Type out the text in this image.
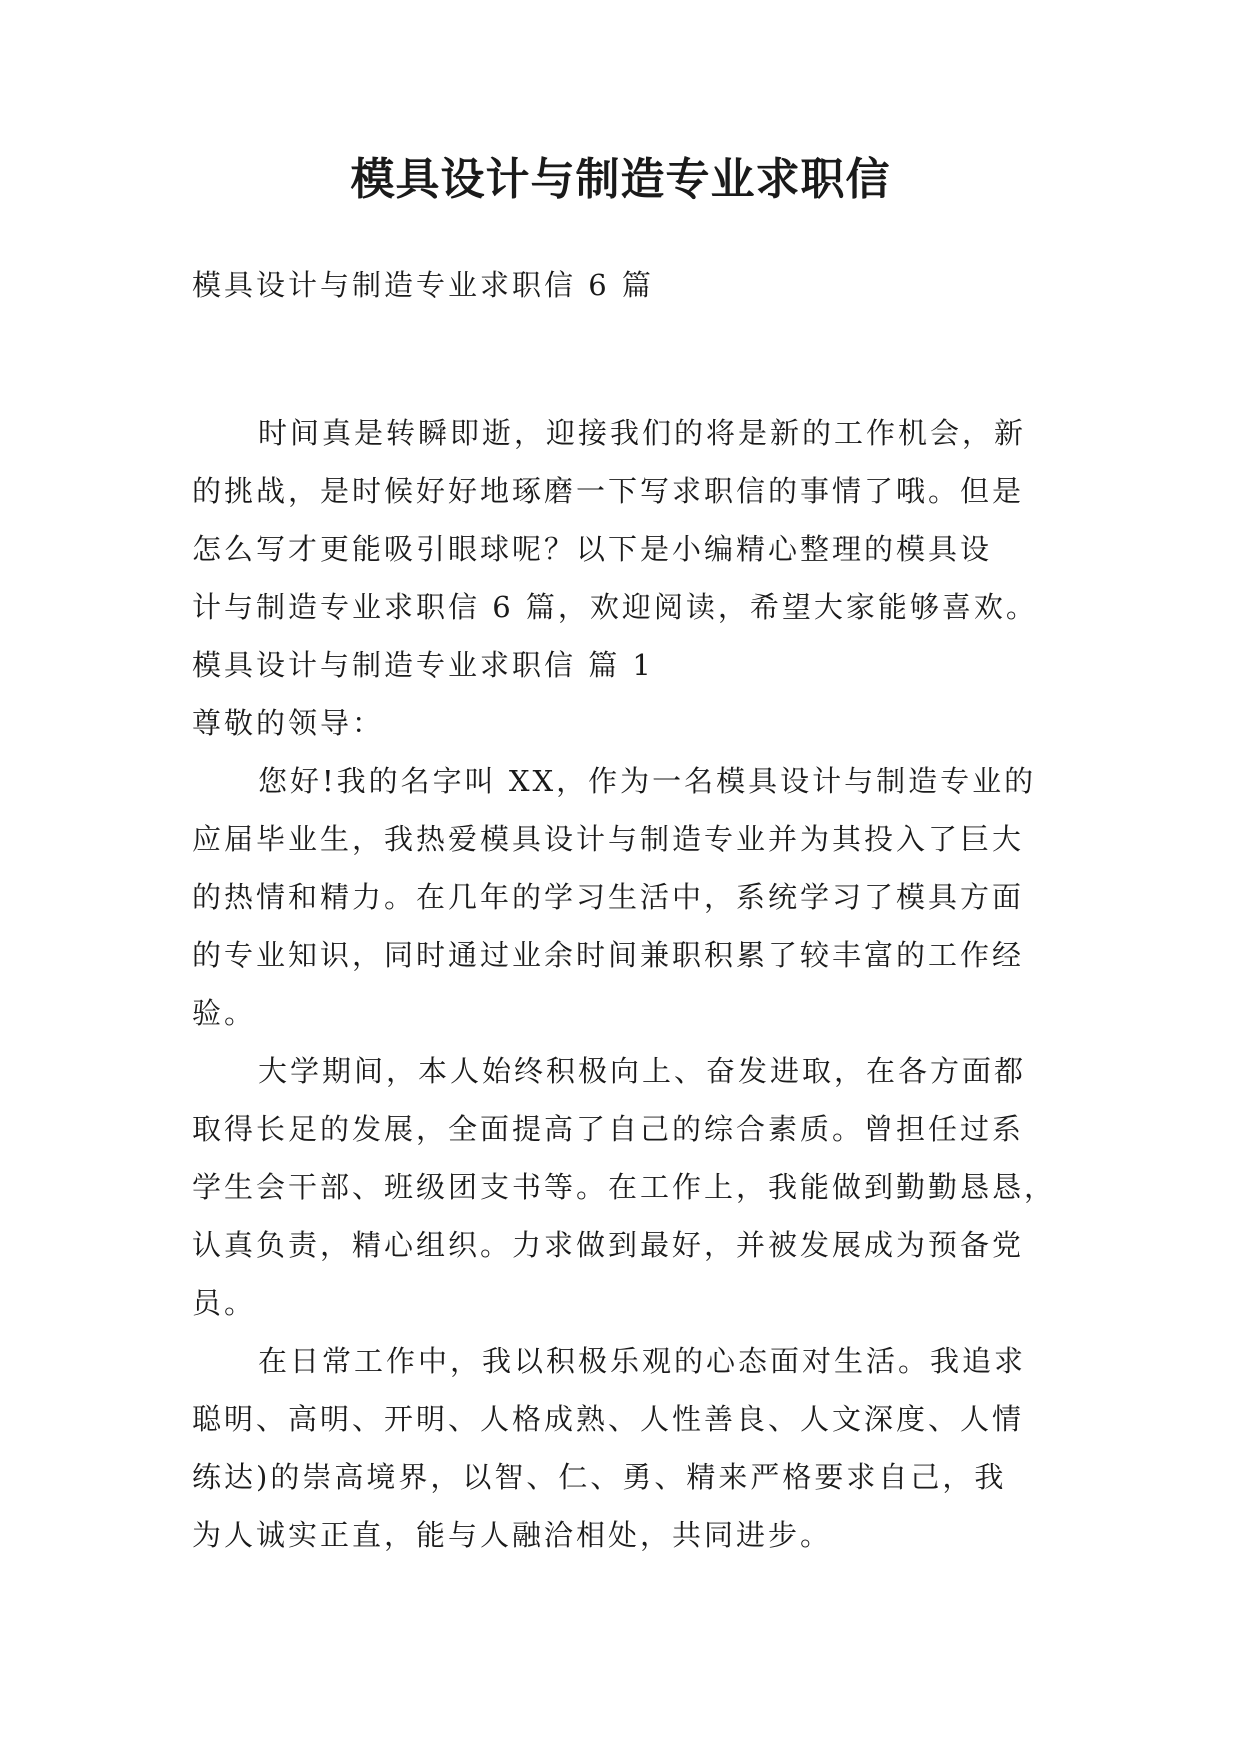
模具设计与制造专业求职信
模具设计与制造专业求职信 6 篇
时间真是转瞬即逝，迎接我们的将是新的工作机会，新
的挑战，是时候好好地琢磨一下写求职信的事情了哦。但是
怎么写才更能吸引眼球呢？以下是小编精心整理的模具设
计与制造专业求职信 6 篇，欢迎阅读，希望大家能够喜欢。
模具设计与制造专业求职信 篇 1
尊敬的领导：
您好!我的名字叫 XX，作为一名模具设计与制造专业的
应届毕业生，我热爱模具设计与制造专业并为其投入了巨大
的热情和精力。在几年的学习生活中，系统学习了模具方面
的专业知识，同时通过业余时间兼职积累了较丰富的工作经
验。
大学期间，本人始终积极向上、奋发进取，在各方面都
取得长足的发展，全面提高了自己的综合素质。曾担任过系
学生会干部、班级团支书等。在工作上，我能做到勤勤恳恳，
认真负责，精心组织。力求做到最好，并被发展成为预备党
员。
在日常工作中，我以积极乐观的心态面对生活。我追求
聪明、高明、开明、人格成熟、人性善良、人文深度、人情
练达)的崇高境界，以智、仁、勇、精来严格要求自己，我
为人诚实正直，能与人融洽相处，共同进步。
